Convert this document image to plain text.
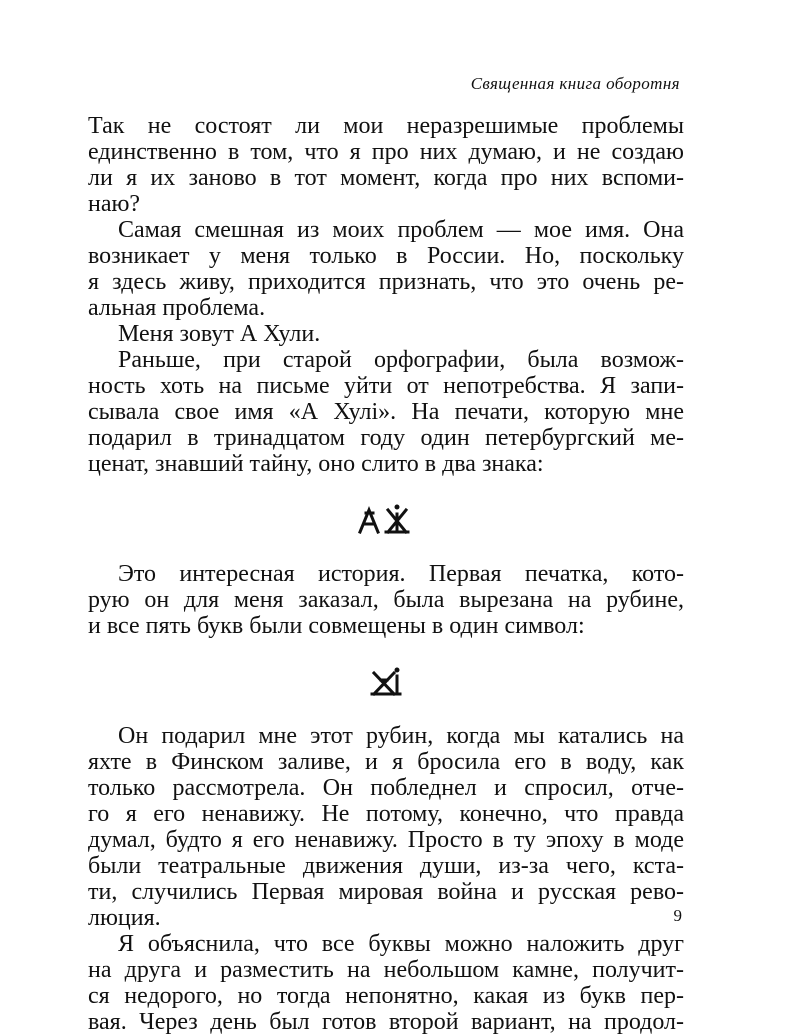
Священная книга оборотня
Так не состоят ли мои неразрешимые проблемы
единственно в том, что я про них думаю, и не создаю
ли я их заново в тот момент, когда про них вспоми-
наю?
Самая смешная из моих проблем — мое имя. Она
возникает у меня только в России. Но, поскольку
я здесь живу, приходится признать, что это очень ре-
альная проблема.
Меня зовут А Хули.
Раньше, при старой орфографии, была возмож-
ность хоть на письме уйти от непотребства. Я запи-
сывала свое имя «А Хулi». На печати, которую мне
подарил в тринадцатом году один петербургский ме-
ценат, знавший тайну, оно слито в два знака:
Это интересная история. Первая печатка, кото-
рую он для меня заказал, была вырезана на рубине,
и все пять букв были совмещены в один символ:
Он подарил мне этот рубин, когда мы катались на
яхте в Финском заливе, и я бросила его в воду, как
только рассмотрела. Он побледнел и спросил, отче-
го я его ненавижу. Не потому, конечно, что правда
думал, будто я его ненавижу. Просто в ту эпоху в моде
были театральные движения души, из-за чего, кста-
ти, случились Первая мировая война и русская рево-
люция.
Я объяснила, что все буквы можно наложить друг
на друга и разместить на небольшом камне, получит-
ся недорого, но тогда непонятно, какая из букв пер-
вая. Через день был готов второй вариант, на продол-
9
